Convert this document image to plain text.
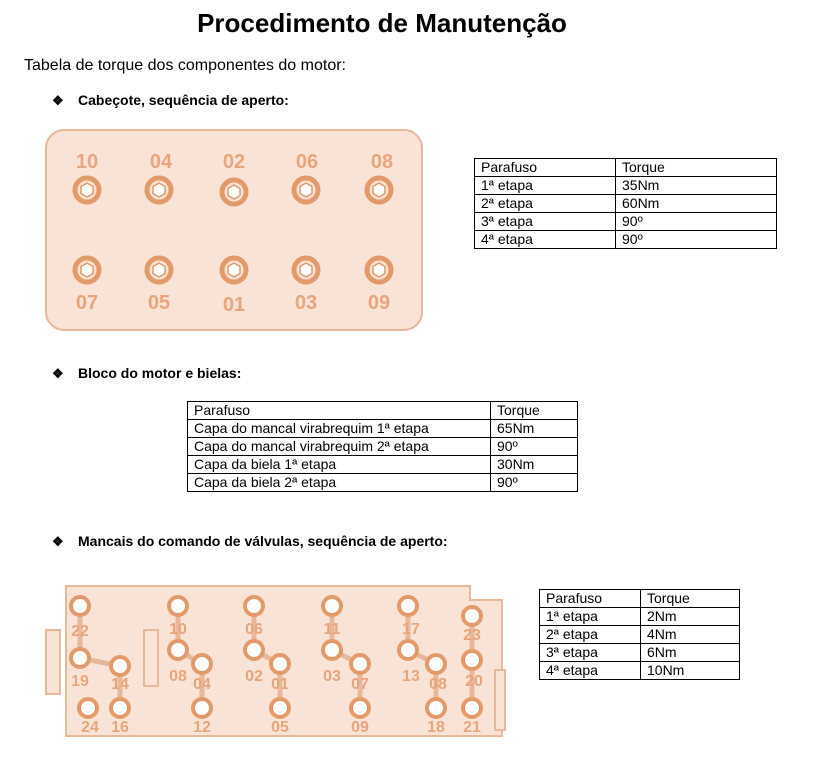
Procedimento de Manutenção
Tabela de torque dos componentes do motor:
❖ Cabeçote, sequência de aperto:
10	04	02	06	08
07 05	01 03	09
Parafuso	Torque
1ª etapa	35Nm
2ª etapa	60Nm
3ª etapa	90º
4ª etapa	90º
❖ Bloco do motor e bielas:
Parafuso	Torque
Capa do mancal virabrequim 1ª etapa	65Nm
Capa do mancal virabrequim 2ª etapa	90º
Capa da biela 1ª etapa	30Nm
Capa da biela 2ª etapa	90º
❖ Mancais do comando de válvulas, sequência de aperto:
22	10	06	11	17	23
19 14	08 04 02 01 03 07 13 08 20
24 16	12	05	09	18 21
Parafuso	Torque
1ª etapa	2Nm
2ª etapa	4Nm
3ª etapa	6Nm
4ª etapa	10Nm
